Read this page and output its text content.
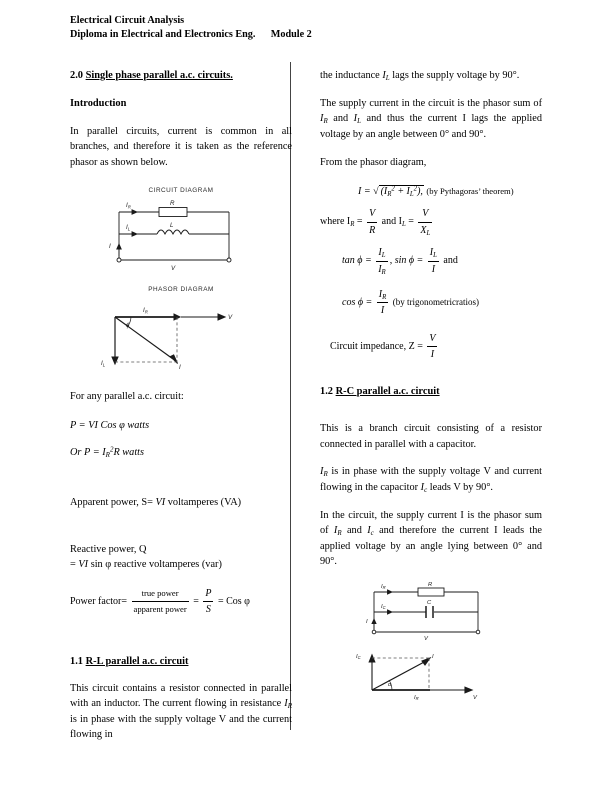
Electrical Circuit Analysis
Diploma in Electrical and Electronics Eng. Module 2
2.0 Single phase parallel a.c. circuits.
Introduction

In parallel circuits, current is common in all branches, and therefore it is taken as the reference phasor as shown below.

CIRCUIT DIAGRAM
$I_R$	R
$I_L$	L
I
V
PHASOR DIAGRAM
$I_R$
V
$I_L$	I
ϕ

For any parallel a.c. circuit:

P = VI Cos φ watts
Or $P = I_R^2R$ watts

Apparent power, S= VI voltamperes (VA)

Reactive power, Q

= VI sin φ reactive voltamperes (var)

Power factor= $\frac{\text{true power}}{\text{apparent power}} = \frac{P}{S}$ = Cos φ
1.1 R-L parallel a.c. circuit

This circuit contains a resistor connected in parallel with an inductor. The current flowing in resistance $I_R$ is in phase with the supply voltage V and the current flowing in

the inductance $I_L$ lags the supply voltage by 90°.

The supply current in the circuit is the phasor sum of $I_R$ and $I_L$ and thus the current I lags the applied voltage by an angle between 0° and 90°.

From the phasor diagram,

I = √ $(I_R^2 + I_L^2)$, (by Pythagoras’ theorem)
where $I_R = \frac{V}{R}$ and $I_L = \frac{V}{X_L}$
$\tan \phi = \frac{I_L}{I_R}$ , $\sin \phi = \frac{I_L}{I}$ and
$\cos \phi = \frac{I_R}{I} (by$ trigonometricratios)
Circuit impedance, $Z = \frac{V}{I}$
1.2 R-C parallel a.c. circuit

This is a branch circuit consisting of a resistor connected in parallel with a capacitor.

$I_R$ is in phase with the supply voltage V and current flowing in the capacitor $I_c$ leads V by 90°.

In the circuit, the supply current I is the phasor sum of $I_R$ and $I_c$ and therefore the current I leads the applied voltage by an angle lying between 0° and 90°.

$I_R$	R
$I_C$
C
I
V
$I_C$	I
$I_R$	V
α
